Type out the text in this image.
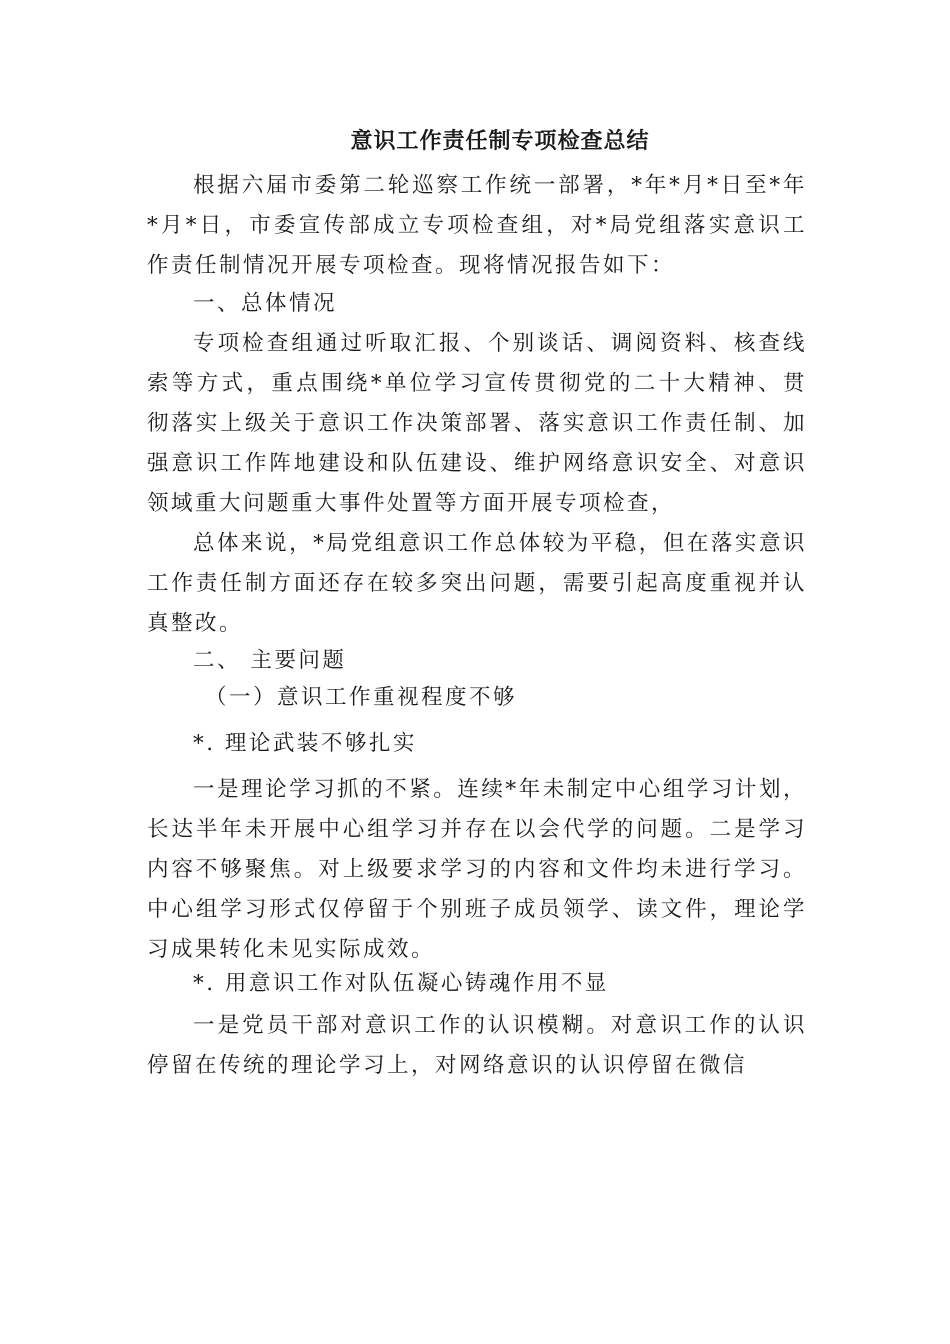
意识工作责任制专项检查总结
根据六届市委第二轮巡察工作统一部署，*年*月*日至*年*月*日，市委宣传部成立专项检查组，对*局党组落实意识工作责任制情况开展专项检查。现将情况报告如下：
一、总体情况
专项检查组通过听取汇报、个别谈话、调阅资料、核查线索等方式，重点围绕*单位学习宣传贯彻党的二十大精神、贯彻落实上级关于意识工作决策部署、落实意识工作责任制、加强意识工作阵地建设和队伍建设、维护网络意识安全、对意识领域重大问题重大事件处置等方面开展专项检查，
总体来说，*局党组意识工作总体较为平稳，但在落实意识工作责任制方面还存在较多突出问题，需要引起高度重视并认真整改。
二、 主要问题
（一）意识工作重视程度不够
*. 理论武装不够扎实
一是理论学习抓的不紧。连续*年未制定中心组学习计划，长达半年未开展中心组学习并存在以会代学的问题。二是学习内容不够聚焦。对上级要求学习的内容和文件均未进行学习。中心组学习形式仅停留于个别班子成员领学、读文件，理论学习成果转化未见实际成效。
*. 用意识工作对队伍凝心铸魂作用不显
一是党员干部对意识工作的认识模糊。对意识工作的认识停留在传统的理论学习上，对网络意识的认识停留在微信
